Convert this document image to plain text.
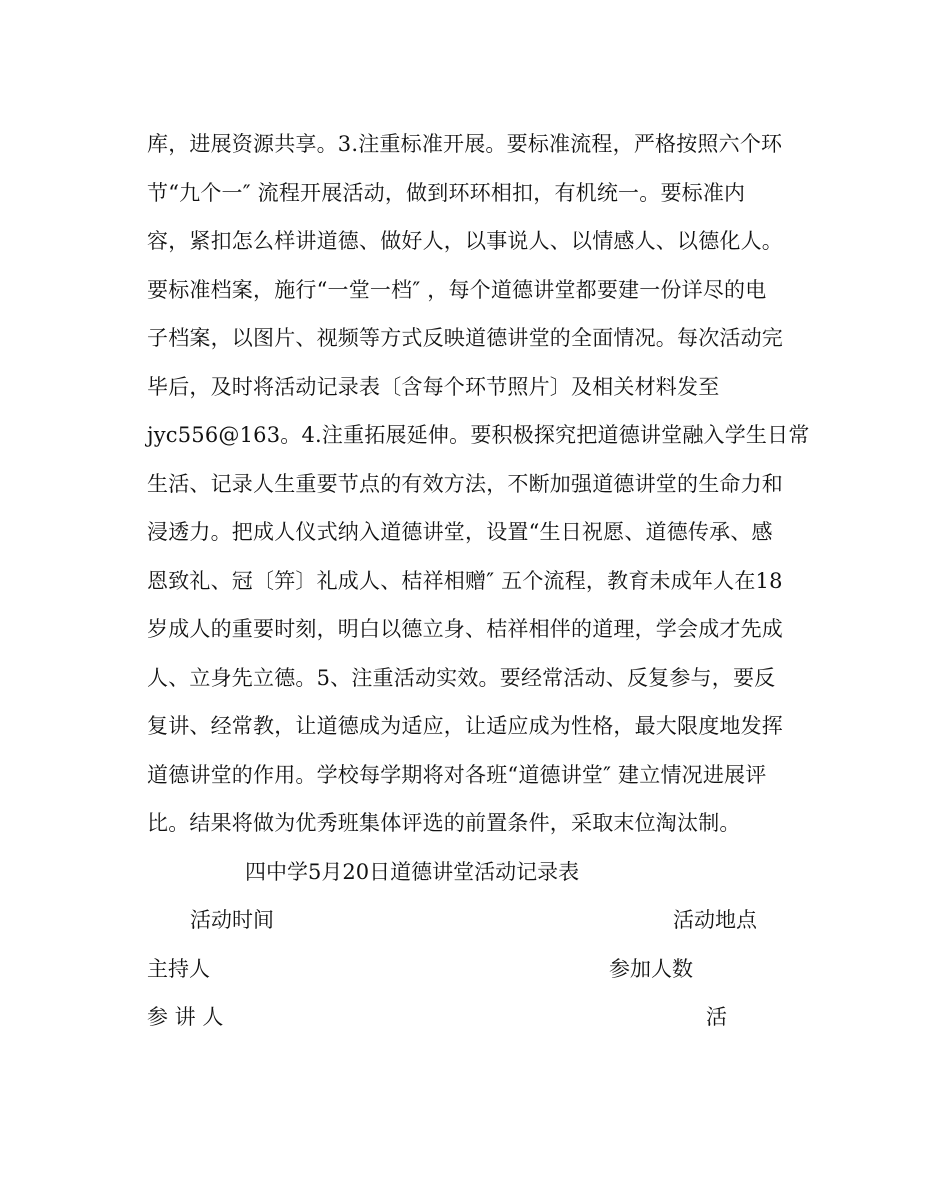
库，进展资源共享。3.注重标准开展。要标准流程，严格按照六个环
节“九个一″ 流程开展活动，做到环环相扣，有机统一。要标准内
容，紧扣怎么样讲道德、做好人，以事说人、以情感人、以德化人。
要标准档案，施行“一堂一档″ ，每个道德讲堂都要建一份详尽的电
子档案，以图片、视频等方式反映道德讲堂的全面情况。每次活动完
毕后，及时将活动记录表〔含每个环节照片〕及相关材料发至
jyc556@163。4.注重拓展延伸。要积极探究把道德讲堂融入学生日常
生活、记录人生重要节点的有效方法，不断加强道德讲堂的生命力和
浸透力。把成人仪式纳入道德讲堂，设置“生日祝愿、道德传承、感
恩致礼、冠〔笄〕礼成人、桔祥相赠″ 五个流程，教育未成年人在18
岁成人的重要时刻，明白以德立身、桔祥相伴的道理，学会成才先成
人、立身先立德。5、注重活动实效。要经常活动、反复参与，要反
复讲、经常教，让道德成为适应，让适应成为性格，最大限度地发挥
道德讲堂的作用。学校每学期将对各班“道德讲堂″ 建立情况进展评
比。结果将做为优秀班集体评选的前置条件，采取末位淘汰制。
四中学5月20日道德讲堂活动记录表
活动时间	活动地点
主持人	参加人数
参 讲 人	活
